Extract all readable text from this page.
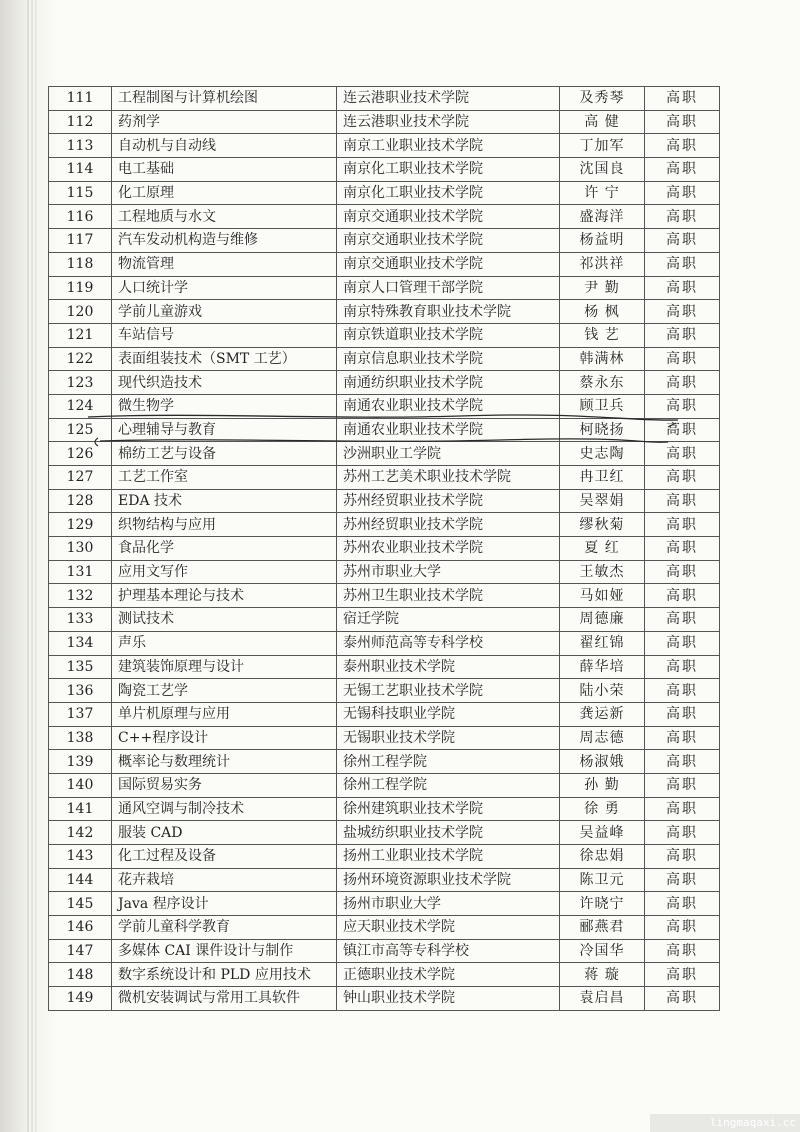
111	工程制图与计算机绘图	连云港职业技术学院	及秀琴	高职
112	药剂学	连云港职业技术学院	高 健	高职
113	自动机与自动线	南京工业职业技术学院	丁加军	高职
114	电工基础	南京化工职业技术学院	沈国良	高职
115	化工原理	南京化工职业技术学院	许 宁	高职
116	工程地质与水文	南京交通职业技术学院	盛海洋	高职
117	汽车发动机构造与维修	南京交通职业技术学院	杨益明	高职
118	物流管理	南京交通职业技术学院	祁洪祥	高职
119	人口统计学	南京人口管理干部学院	尹 勤	高职
120	学前儿童游戏	南京特殊教育职业技术学院	杨 枫	高职
121	车站信号	南京铁道职业技术学院	钱 艺	高职
122	表面组装技术（SMT 工艺）	南京信息职业技术学院	韩满林	高职
123	现代织造技术	南通纺织职业技术学院	蔡永东	高职
124	微生物学	南通农业职业技术学院	顾卫兵	高职
125	心理辅导与教育	南通农业职业技术学院	柯晓扬	高职
126	棉纺工艺与设备	沙洲职业工学院	史志陶	高职
127	工艺工作室	苏州工艺美术职业技术学院	冉卫红	高职
128	EDA 技术	苏州经贸职业技术学院	吴翠娟	高职
129	织物结构与应用	苏州经贸职业技术学院	缪秋菊	高职
130	食品化学	苏州农业职业技术学院	夏 红	高职
131	应用文写作	苏州市职业大学	王敏杰	高职
132	护理基本理论与技术	苏州卫生职业技术学院	马如娅	高职
133	测试技术	宿迁学院	周德廉	高职
134	声乐	泰州师范高等专科学校	翟红锦	高职
135	建筑装饰原理与设计	泰州职业技术学院	薛华培	高职
136	陶瓷工艺学	无锡工艺职业技术学院	陆小荣	高职
137	单片机原理与应用	无锡科技职业学院	龚运新	高职
138	C++程序设计	无锡职业技术学院	周志德	高职
139	概率论与数理统计	徐州工程学院	杨淑娥	高职
140	国际贸易实务	徐州工程学院	孙 勤	高职
141	通风空调与制冷技术	徐州建筑职业技术学院	徐 勇	高职
142	服装 CAD	盐城纺织职业技术学院	吴益峰	高职
143	化工过程及设备	扬州工业职业技术学院	徐忠娟	高职
144	花卉栽培	扬州环境资源职业技术学院	陈卫元	高职
145	Java 程序设计	扬州市职业大学	许晓宁	高职
146	学前儿童科学教育	应天职业技术学院	郦燕君	高职
147	多媒体 CAI 课件设计与制作	镇江市高等专科学校	冷国华	高职
148	数字系统设计和 PLD 应用技术	正德职业技术学院	蒋 璇	高职
149	微机安装调试与常用工具软件	钟山职业技术学院	袁启昌	高职
lingmaqaxi.cc
